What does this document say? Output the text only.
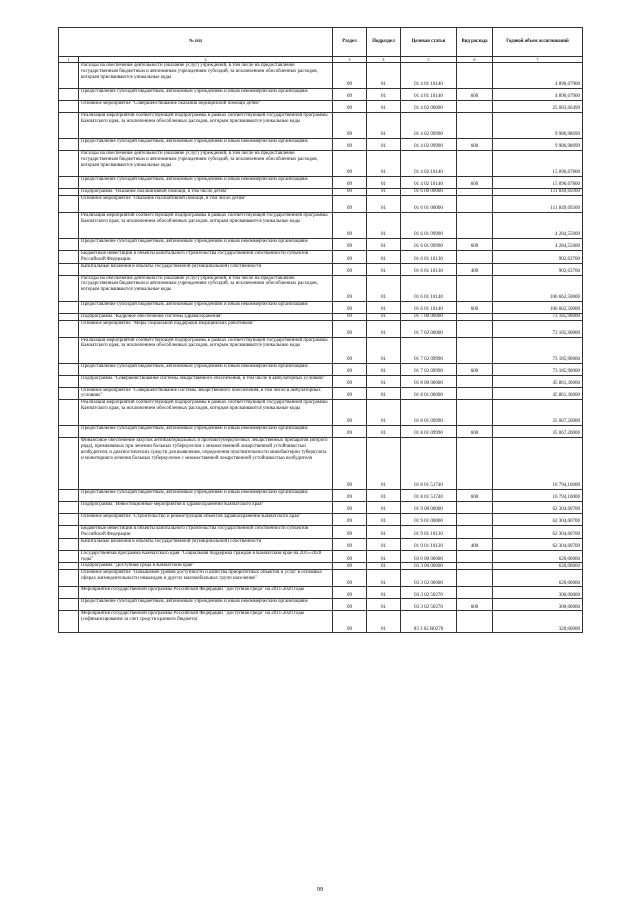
№ п/п		Раздел	Подраздел	Целевая статья	Вид расхода	Годовой объем ассигнований
1	2	3	4	5	6	7
	Расходы на обеспечение деятельности (оказание услуг) учреждений, в том числе на предоставление государственным бюджетным и автономным учреждениям субсидий, за исключением обособленных расходов, которым присваиваются уникальные коды	09	01	01 4 01 10140		4 890,67900
	Предоставление субсидий бюджетным, автономным учреждениям и иным некоммерческим организациям	09	01	01 4 01 10140	600	4 890,67900
	Основное мероприятие "Совершенствование оказания медицинской помощи детям"	09	01	01 4 02 00000		25 083,66499
	Реализация мероприятий соответствующей подпрограммы в рамках соответствующей государственной программы Камчатского края, за исключением обособленных расходов, которым присваиваются уникальные коды	09	01	01 4 02 09990		9 986,98699
	Предоставление субсидий бюджетным, автономным учреждениям и иным некоммерческим организациям	09	01	01 4 02 09990	600	9 986,98699
	Расходы на обеспечение деятельности (оказание услуг) учреждений, в том числе на предоставление государственным бюджетным и автономным учреждениям субсидий, за исключением обособленных расходов, которым присваиваются уникальные коды	09	01	01 4 02 10140		15 096,67800
	Предоставление субсидий бюджетным, автономным учреждениям и иным некоммерческим организациям	09	01	01 4 02 10140	600	15 096,67800
	Подпрограмма "Оказание паллиативной помощи, в том числе детям"	09	01	01 6 00 00000		111 849,69300
	Основное мероприятие "Оказание паллиативной помощи, в том числе детям"	09	01	01 6 01 00000		111 849,69300
	Реализация мероприятий соответствующей подпрограммы в рамках соответствующей государственной программы Камчатского края, за исключением обособленных расходов, которым присваиваются уникальные коды	09	01	01 6 01 09990		4 284,55000
	Предоставление субсидий бюджетным, автономным учреждениям и иным некоммерческим организациям	09	01	01 6 01 09990	600	4 284,55000
	Бюджетные инвестиции в объекты капитального строительства государственной собственности субъектов Российской Федерации	09	01	01 6 01 10130		902,63700
	Капитальные вложения в объекты государственной (муниципальной) собственности	09	01	01 6 01 10130	400	902,63700
	Расходы на обеспечение деятельности (оказание услуг) учреждений, в том числе на предоставление государственным бюджетным и автономным учреждениям субсидий, за исключением обособленных расходов, которым присваиваются уникальные коды	09	01	01 6 01 10140		106 662,50000
	Предоставление субсидий бюджетным, автономным учреждениям и иным некоммерческим организациям	09	01	01 6 01 10140	600	106 662,50000
	Подпрограмма "Кадровое обеспечение системы здравоохранения"	09	01	01 7 00 00000		73 185,90000
	Основное мероприятие "Меры социальной поддержки медицинских работников"	09	01	01 7 02 00000		73 185,90000
	Реализация мероприятий соответствующей подпрограммы в рамках соответствующей государственной программы Камчатского края, за исключением обособленных расходов, которым присваиваются уникальные коды	09	01	01 7 02 09990		73 185,90000
	Предоставление субсидий бюджетным, автономным учреждениям и иным некоммерческим организациям	09	01	01 7 02 09990	600	73 185,90000
	Подпрограмма "Совершенствование системы лекарственного обеспечения, в том числе в амбулаторных условиях"	09	01	01 8 00 00000		45 861,30000
	Основное мероприятие "Совершенствование системы лекарственного обеспечения, в том числе в амбулаторных условиях"	09	01	01 8 01 00000		45 861,30000
	Реализация мероприятий соответствующей подпрограммы в рамках соответствующей государственной программы Камчатского края, за исключением обособленных расходов, которым присваиваются уникальные коды	09	01	01 8 01 09990		35 067,20000
	Предоставление субсидий бюджетным, автономным учреждениям и иным некоммерческим организациям	09	01	01 8 01 09990	600	35 067,20000
	Финансовое обеспечение закупок антибактериальных и противотуберкулезных лекарственных препаратов (второго ряда), применяемых при лечении больных туберкулезом с множественной лекарственной устойчивостью возбудителя, и диагностических средств для выявления, определения чувствительности микобактерии туберкулеза и мониторинга лечения больных туберкулезом с множественной лекарственной устойчивостью возбудителя	09	01	01 8 01 51740		10 794,10000
	Предоставление субсидий бюджетным, автономным учреждениям и иным некоммерческим организациям	09	01	01 8 01 51740	600	10 794,10000
	Подпрограмма "Инвестиционные мероприятия в здравоохранении Камчатского края"	09	01	01 9 00 00000		62 304,60700
	Основное мероприятие "Строительство и реконструкция объектов здравоохранения Камчатского края"	09	01	01 9 01 00000		62 304,60700
	Бюджетные инвестиции в объекты капитального строительства государственной собственности субъектов Российской Федерации	09	01	01 9 01 10130		62 304,60700
	Капитальные вложения в объекты государственной (муниципальной) собственности	09	01	01 9 01 10130	400	62 304,60700
	Государственная программа Камчатского края "Социальная поддержка граждан в Камчатском крае на 2015-2020 годы"	09	01	03 0 00 00000		620,00000
	Подпрограмма "Доступная среда в Камчатском крае"	09	01	03 3 00 00000		620,00000
	Основное мероприятие "Повышение уровня доступности и качества приоритетных объектов и услуг в основных сферах жизнедеятельности инвалидов и других маломобильных групп населения"	09	01	03 3 02 00000		620,00000
	Мероприятия государственной программы Российской Федерации "Доступная среда" на 2011-2020 годы	09	01	03 3 02 50270		300,00000
	Предоставление субсидий бюджетным, автономным учреждениям и иным некоммерческим организациям	09	01	03 3 02 50270	600	300,00000
	Мероприятия государственной программы Российской Федерации "Доступная среда" на 2011-2020 годы (софинансирование за счет средств краевого бюджета)	09	01	03 3 02 R0270		320,00000
99
